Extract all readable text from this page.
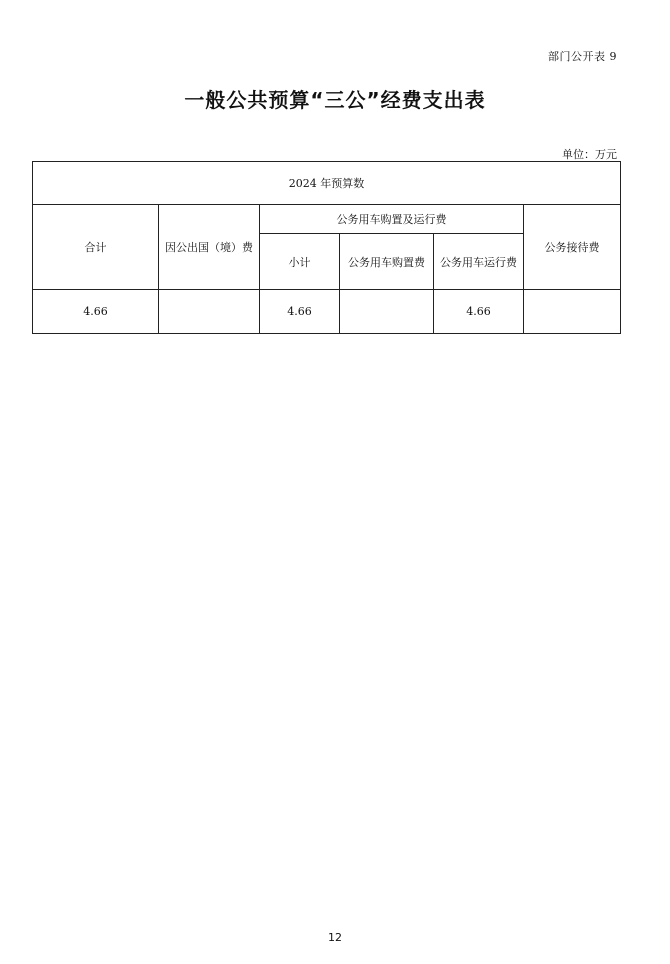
部门公开表 9
一般公共预算“三公”经费支出表
单位：万元
2024 年预算数					
合计	因公出国（境）费	公务用车购置及运行费			公务接待费
		小计	公务用车购置费	公务用车运行费	
4.66		4.66		4.66	
12
